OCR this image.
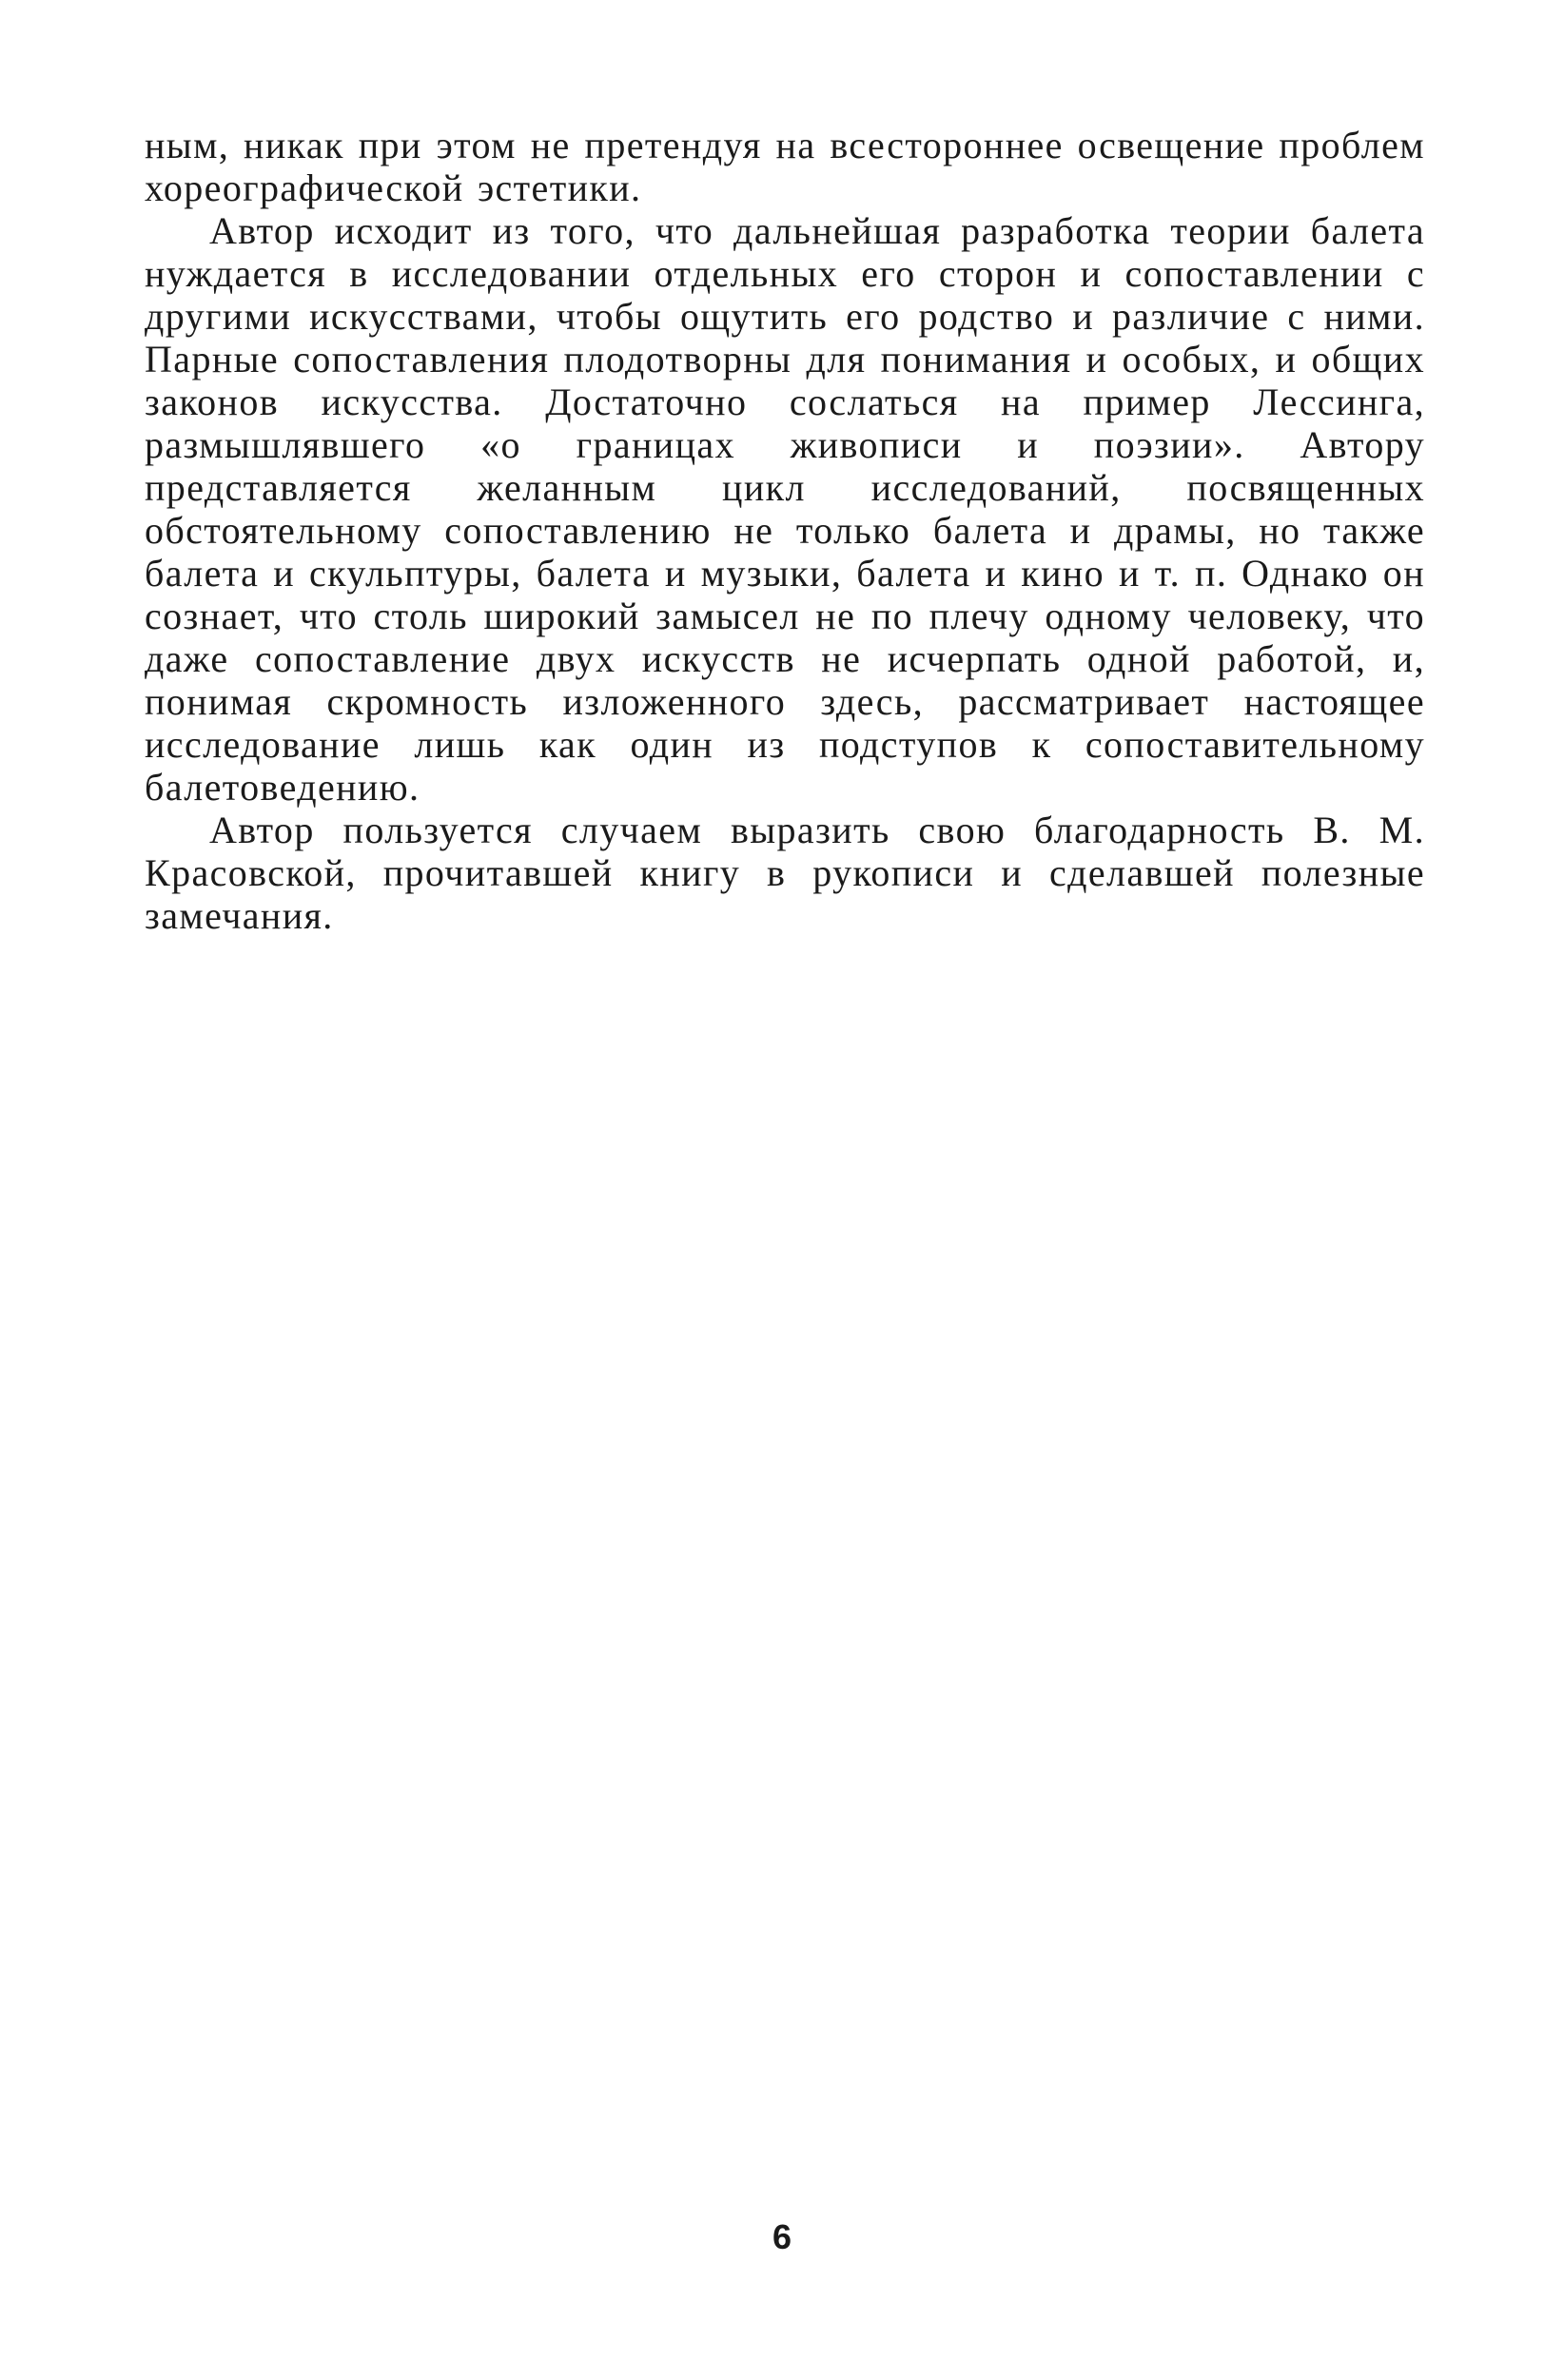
ным, никак при этом не претендуя на всестороннее освещение проблем хореографической эстетики.

Автор исходит из того, что дальнейшая разработка теории балета нуждается в исследовании отдельных его сторон и сопоставлении с другими искусствами, чтобы ощутить его родство и различие с ними. Парные сопоставления плодотворны для понимания и особых, и общих законов искусства. Достаточно сослаться на пример Лессинга, размышлявшего «о границах живописи и поэзии». Автору представляется желанным цикл исследований, посвященных обстоятельному сопоставлению не только балета и драмы, но также балета и скульптуры, балета и музыки, балета и кино и т. п. Однако он сознает, что столь широкий замысел не по плечу одному человеку, что даже сопоставление двух искусств не исчерпать одной работой, и, понимая скромность изложенного здесь, рассматривает настоящее исследование лишь как один из подступов к сопоставительному балетоведению.

Автор пользуется случаем выразить свою благодарность В. М. Красовской, прочитавшей книгу в рукописи и сделавшей полезные замечания.

6
